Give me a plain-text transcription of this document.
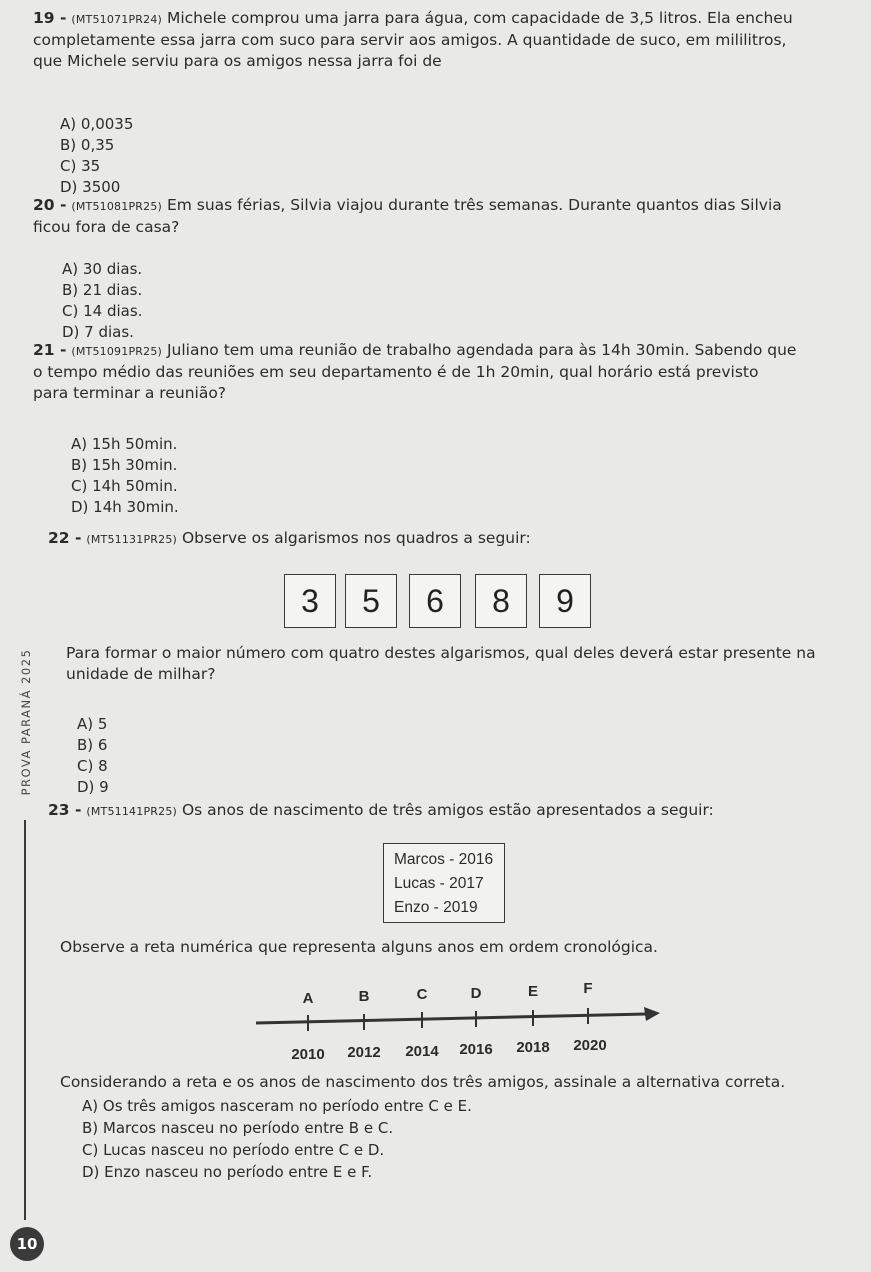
19 - (MT51071PR24) Michele comprou uma jarra para água, com capacidade de 3,5 litros. Ela encheu
completamente essa jarra com suco para servir aos amigos. A quantidade de suco, em mililitros,
que Michele serviu para os amigos nessa jarra foi de
A) 0,0035
B) 0,35
C) 35
D) 3500
20 - (MT51081PR25) Em suas férias, Silvia viajou durante três semanas. Durante quantos dias Silvia
ficou fora de casa?
A) 30 dias.
B) 21 dias.
C) 14 dias.
D) 7 dias.
21 - (MT51091PR25) Juliano tem uma reunião de trabalho agendada para às 14h 30min. Sabendo que
o tempo médio das reuniões em seu departamento é de 1h 20min, qual horário está previsto
para terminar a reunião?
A) 15h 50min.
B) 15h 30min.
C) 14h 50min.
D) 14h 30min.
22 - (MT51131PR25) Observe os algarismos nos quadros a seguir:
3	5	6	8	9
Para formar o maior número com quatro destes algarismos, qual deles deverá estar presente na
unidade de milhar?
A) 5
B) 6
C) 8
D) 9
23 - (MT51141PR25) Os anos de nascimento de três amigos estão apresentados a seguir:
Marcos - 2016
Lucas - 2017
Enzo - 2019
Observe a reta numérica que representa alguns anos em ordem cronológica.
A	B	C	D	E	F
2010 2012 2014 2016 2018 2020
Considerando a reta e os anos de nascimento dos três amigos, assinale a alternativa correta.
A) Os três amigos nasceram no período entre C e E.
B) Marcos nasceu no período entre B e C.
C) Lucas nasceu no período entre C e D.
D) Enzo nasceu no período entre E e F.
PROVA PARANÁ 2025
10
